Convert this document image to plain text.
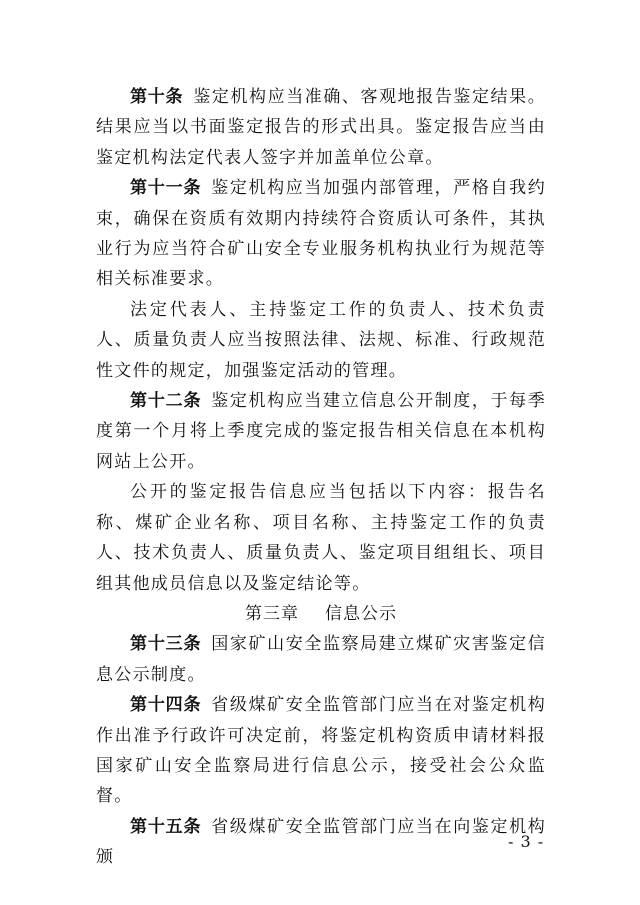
第十条 鉴定机构应当准确、客观地报告鉴定结果。结果应当以书面鉴定报告的形式出具。鉴定报告应当由鉴定机构法定代表人签字并加盖单位公章。

第十一条 鉴定机构应当加强内部管理，严格自我约束，确保在资质有效期内持续符合资质认可条件，其执业行为应当符合矿山安全专业服务机构执业行为规范等相关标准要求。

法定代表人、主持鉴定工作的负责人、技术负责人、质量负责人应当按照法律、法规、标准、行政规范性文件的规定，加强鉴定活动的管理。

第十二条 鉴定机构应当建立信息公开制度，于每季度第一个月将上季度完成的鉴定报告相关信息在本机构网站上公开。

公开的鉴定报告信息应当包括以下内容：报告名称、煤矿企业名称、项目名称、主持鉴定工作的负责人、技术负责人、质量负责人、鉴定项目组组长、项目组其他成员信息以及鉴定结论等。

第三章 信息公示

第十三条 国家矿山安全监察局建立煤矿灾害鉴定信息公示制度。

第十四条 省级煤矿安全监管部门应当在对鉴定机构作出准予行政许可决定前，将鉴定机构资质申请材料报国家矿山安全监察局进行信息公示，接受社会公众监督。

第十五条 省级煤矿安全监管部门应当在向鉴定机构颁

- 3 -
